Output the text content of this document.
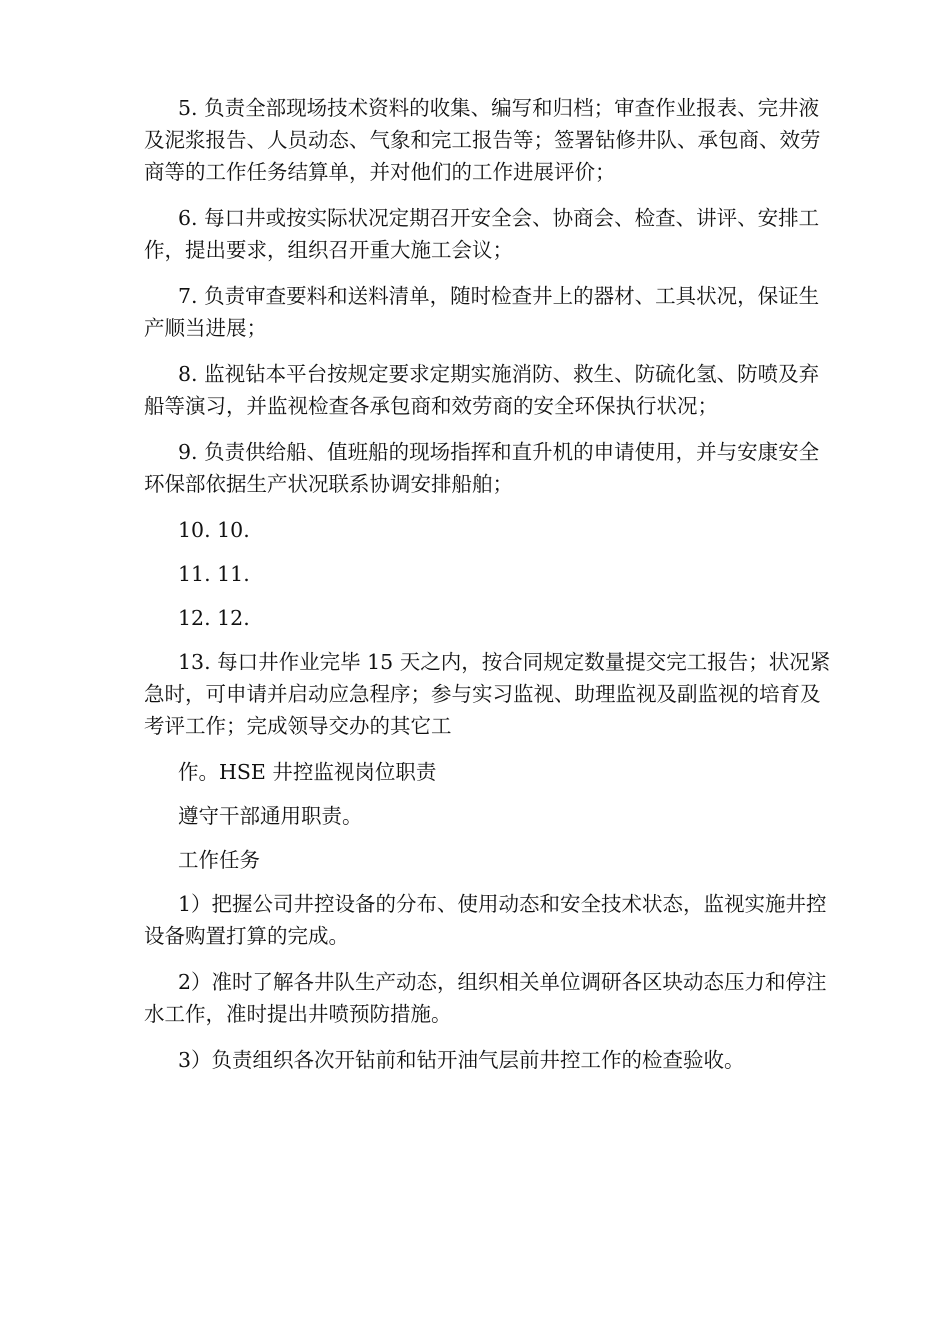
5. 负责全部现场技术资料的收集、编写和归档；审查作业报表、完井液及泥浆报告、人员动态、气象和完工报告等；签署钻修井队、承包商、效劳商等的工作任务结算单，并对他们的工作进展评价；

6. 每口井或按实际状况定期召开安全会、协商会、检查、讲评、安排工作，提出要求，组织召开重大施工会议；

7. 负责审查要料和送料清单，随时检查井上的器材、工具状况，保证生产顺当进展；

8. 监视钻本平台按规定要求定期实施消防、救生、防硫化氢、防喷及弃船等演习，并监视检查各承包商和效劳商的安全环保执行状况；

9. 负责供给船、值班船的现场指挥和直升机的申请使用，并与安康安全环保部依据生产状况联系协调安排船舶；

10. 10.

11. 11.

12. 12.

13. 每口井作业完毕 15 天之内，按合同规定数量提交完工报告；状况紧急时，可申请并启动应急程序；参与实习监视、助理监视及副监视的培育及考评工作；完成领导交办的其它工

作。HSE 井控监视岗位职责

遵守干部通用职责。

工作任务

1）把握公司井控设备的分布、使用动态和安全技术状态，监视实施井控设备购置打算的完成。

2）准时了解各井队生产动态，组织相关单位调研各区块动态压力和停注水工作，准时提出井喷预防措施。

3）负责组织各次开钻前和钻开油气层前井控工作的检查验收。
